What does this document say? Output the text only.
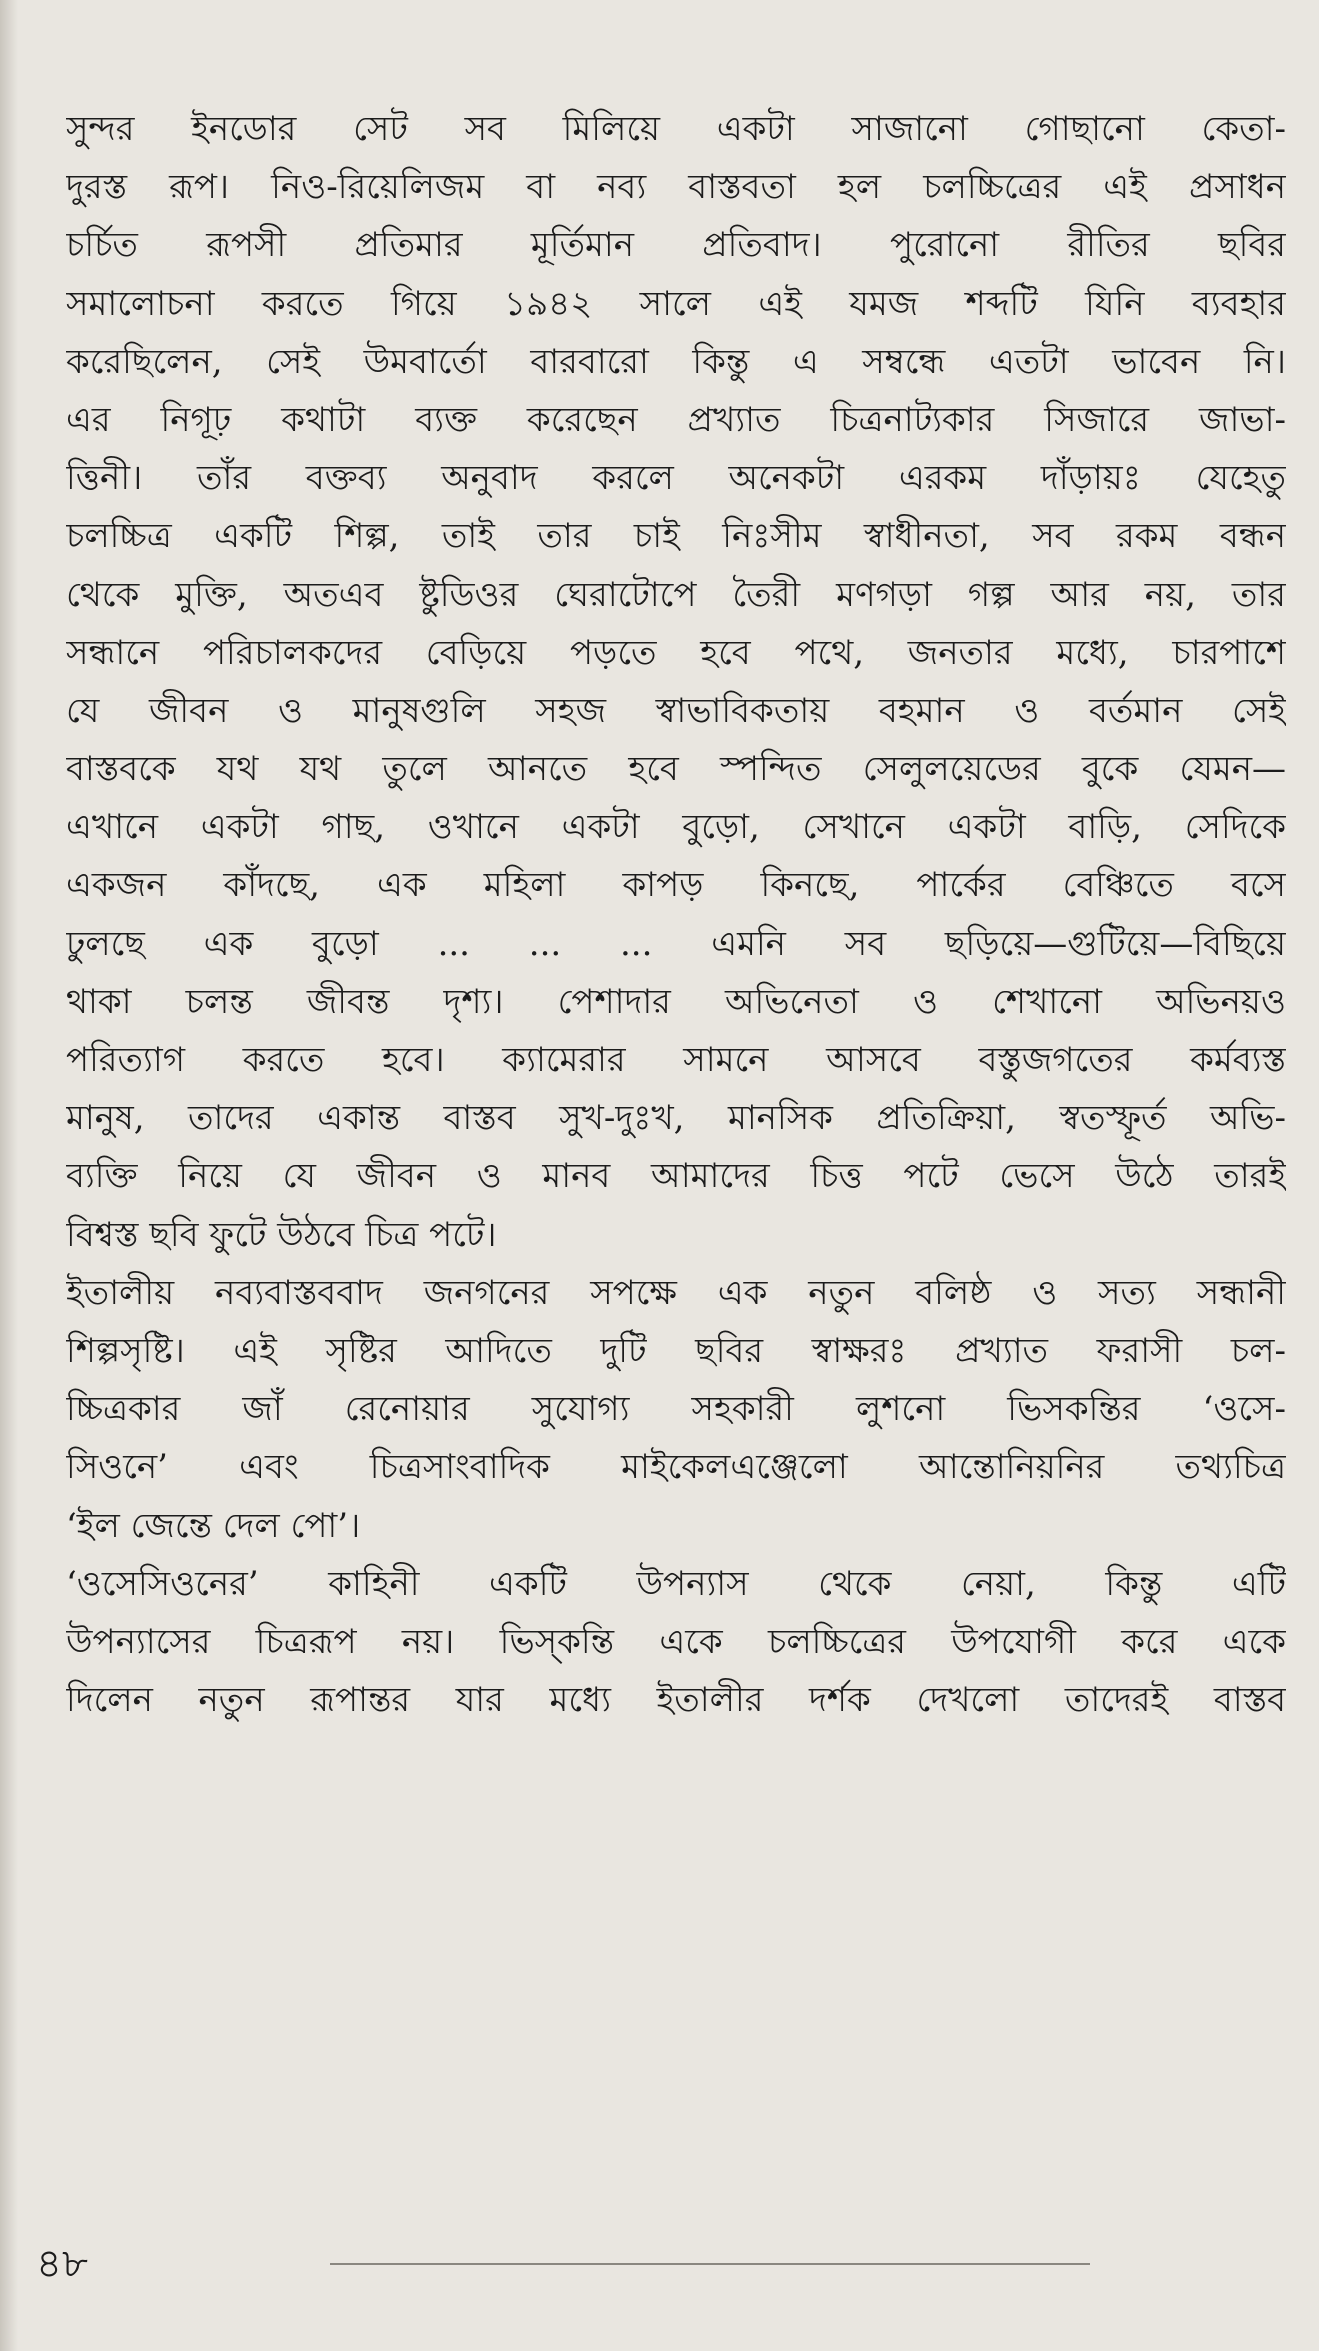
সুন্দর ইনডোর সেট সব মিলিয়ে একটা সাজানো গোছানো কেতা-
দুরস্ত রূপ। নিও-রিয়েলিজম বা নব্য বাস্তবতা হল চলচ্চিত্রের এই প্রসাধন
চর্চিত রূপসী প্রতিমার মূর্তিমান প্রতিবাদ। পুরোনো রীতির ছবির
সমালোচনা করতে গিয়ে ১৯৪২ সালে এই যমজ শব্দটি যিনি ব্যবহার
করেছিলেন, সেই উমবার্তো বারবারো কিন্তু এ সম্বন্ধে এতটা ভাবেন নি।
এর নিগূঢ় কথাটা ব্যক্ত করেছেন প্রখ্যাত চিত্রনাট্যকার সিজারে জাভা-
ত্তিনী। তাঁর বক্তব্য অনুবাদ করলে অনেকটা এরকম দাঁড়ায়ঃ যেহেতু
চলচ্চিত্র একটি শিল্প, তাই তার চাই নিঃসীম স্বাধীনতা, সব রকম বন্ধন
থেকে মুক্তি, অতএব ষ্টুডিওর ঘেরাটোপে তৈরী মণগড়া গল্প আর নয়, তার
সন্ধানে পরিচালকদের বেড়িয়ে পড়তে হবে পথে, জনতার মধ্যে, চারপাশে
যে জীবন ও মানুষগুলি সহজ স্বাভাবিকতায় বহমান ও বর্তমান সেই
বাস্তবকে যথ যথ তুলে আনতে হবে স্পন্দিত সেলুলয়েডের বুকে যেমন—
এখানে একটা গাছ, ওখানে একটা বুড়ো, সেখানে একটা বাড়ি, সেদিকে
একজন কাঁদছে, এক মহিলা কাপড় কিনছে, পার্কের বেঞ্চিতে বসে
ঢুলছে এক বুড়ো ... ... ... এমনি সব ছড়িয়ে—গুটিয়ে—বিছিয়ে
থাকা চলন্ত জীবন্ত দৃশ্য। পেশাদার অভিনেতা ও শেখানো অভিনয়ও
পরিত্যাগ করতে হবে। ক্যামেরার সামনে আসবে বস্তুজগতের কর্মব্যস্ত
মানুষ, তাদের একান্ত বাস্তব সুখ-দুঃখ, মানসিক প্রতিক্রিয়া, স্বতস্ফূর্ত অভি-
ব্যক্তি নিয়ে যে জীবন ও মানব আমাদের চিত্ত পটে ভেসে উঠে তারই
বিশ্বস্ত ছবি ফুটে উঠবে চিত্র পটে।
ইতালীয় নব্যবাস্তববাদ জনগনের সপক্ষে এক নতুন বলিষ্ঠ ও সত্য সন্ধানী
শিল্পসৃষ্টি। এই সৃষ্টির আদিতে দুটি ছবির স্বাক্ষরঃ প্রখ্যাত ফরাসী চল-
চ্চিত্রকার জাঁ রেনোয়ার সুযোগ্য সহকারী লুশনো ভিসকন্তির ‘ওসে-
সিওনে’ এবং চিত্রসাংবাদিক মাইকেলএঞ্জেলো আন্তোনিয়নির তথ্যচিত্র
‘ইল জেন্তে দেল পো’।
‘ওসেসিওনের’ কাহিনী একটি উপন্যাস থেকে নেয়া, কিন্তু এটি
উপন্যাসের চিত্ররূপ নয়। ভিস্‌কন্তি একে চলচ্চিত্রের উপযোগী করে একে
দিলেন নতুন রূপান্তর যার মধ্যে ইতালীর দর্শক দেখলো তাদেরই বাস্তব
৪৮
